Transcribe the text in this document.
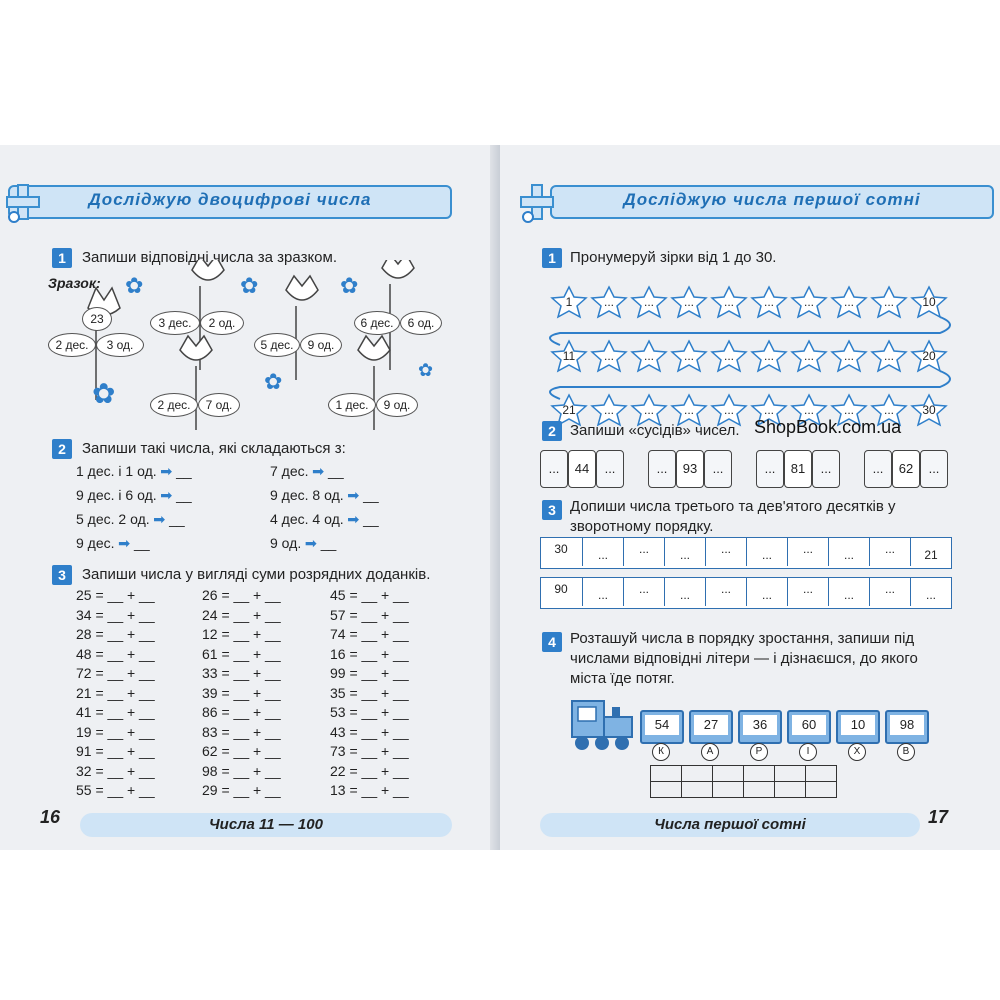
Досліджую двоцифрові числа
1	Запиши відповідні числа за зразком.
Зразок:
23
2 дес.	3 од.
3 дес.	2 од.
5 дес.	9 од.
6 дес.	6 од.
2 дес.	7 од.	1 дес.	9 од.
✿	✿	✿
✿	✿	✿
2	Запиши такі числа, які складаються з:
1 дес. і 1 од. ➟ __	7 дес. ➟ __
9 дес. і 6 од. ➟ __	9 дес. 8 од. ➟ __
5 дес. 2 од. ➟ __	4 дес. 4 од. ➟ __
9 дес. ➟ __	9 од. ➟ __
3	Запиши числа у вигляді суми розрядних доданків.
25 = __ + __
34 = __ + __
28 = __ + __
48 = __ + __
72 = __ + __
21 = __ + __
41 = __ + __
19 = __ + __
91 = __ + __
32 = __ + __
55 = __ + __
26 = __ + __
24 = __ + __
12 = __ + __
61 = __ + __
33 = __ + __
39 = __ + __
86 = __ + __
83 = __ + __
62 = __ + __
98 = __ + __
29 = __ + __
45 = __ + __
57 = __ + __
74 = __ + __
16 = __ + __
99 = __ + __
35 = __ + __
53 = __ + __
43 = __ + __
73 = __ + __
22 = __ + __
13 = __ + __
16	Числа 11 — 100
Досліджую числа першої сотні
1 Пронумеруй зірки від 1 до 30.
1	...	...	...	...	...	...	...	...	10
11	...	...	...	...	...	...	...	...	20
21	...	...	...	...	...	...	...	...	30
2 Запиши «сусідів» чисел. ShopBook.com.ua
...	44	...	...	93	...	...	81	...	...	62	...
3 Допиши числа третього та дев'ятого десятків у
зворотному порядку.
30	...	...	...	...	...	...	...	...	21
90	...	...	...	...	...	...	...	...	...
4 Розташуй числа в порядку зростання, запиши під
числами відповідні літери — і дізнаєшся, до якого
міста їде потяг.
54
К
27
А
36
Р
60
І
10
Х
98
В

Числа першої сотні	17
